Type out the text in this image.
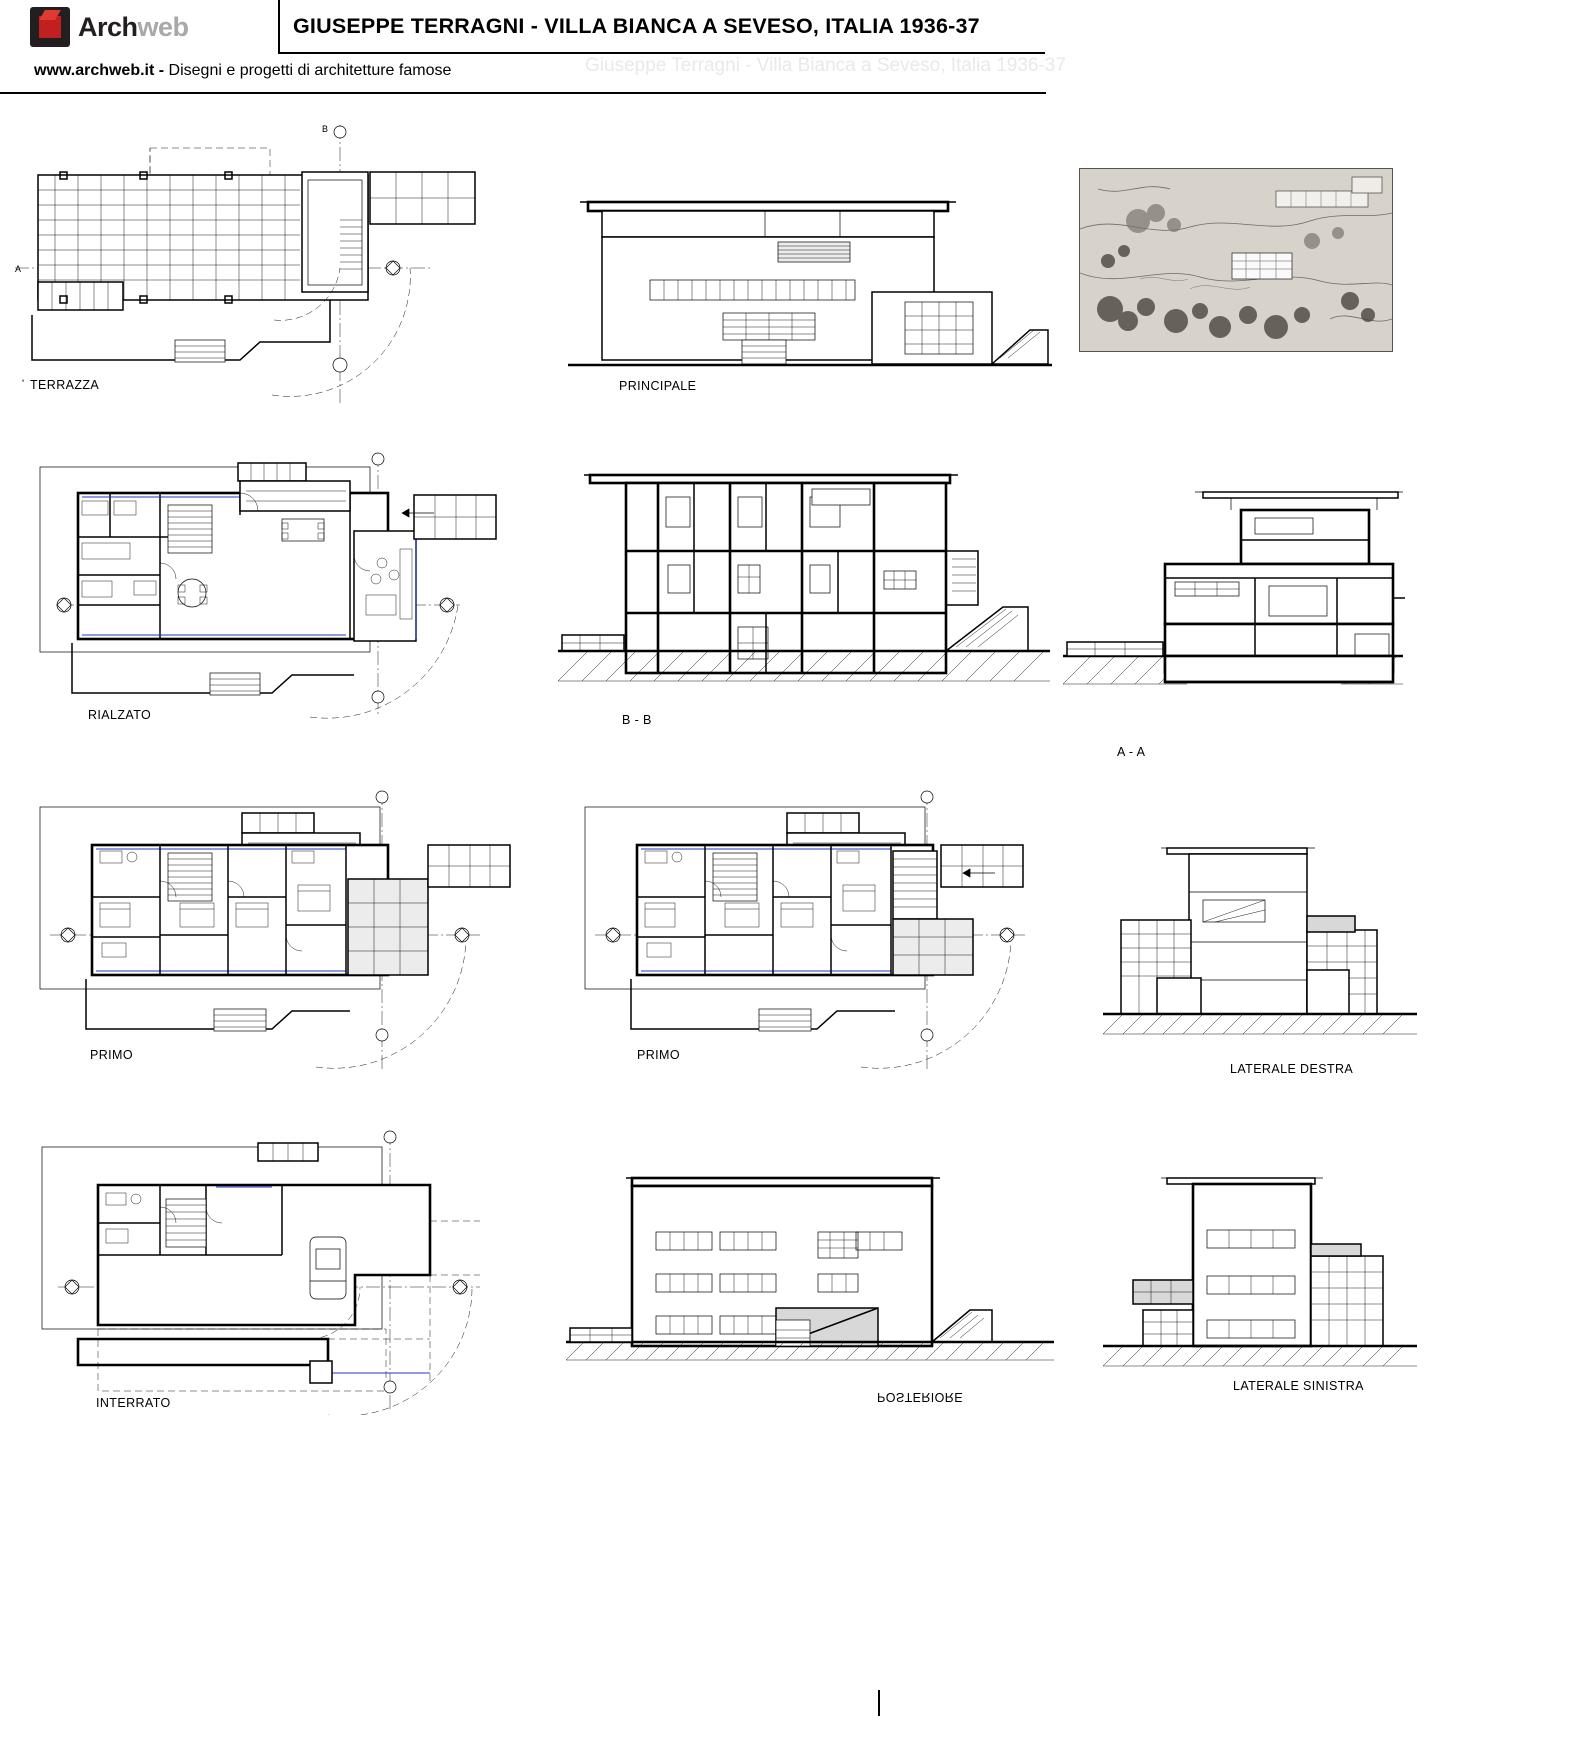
Archweb	GIUSEPPE TERRAGNI - VILLA BIANCA A SEVESO, ITALIA 1936-37
Giuseppe Terragni - Villa Bianca a Seveso, Italia 1936-37
www.archweb.it - Disegni e progetti di architetture famose
A
B
TERRAZZA
'	PRINCIPALE
RIALZATO	B - B
A - A
PRIMO	PRIMO
LATERALE DESTRA
INTERRATO	POSTERIORE
LATERALE SINISTRA
